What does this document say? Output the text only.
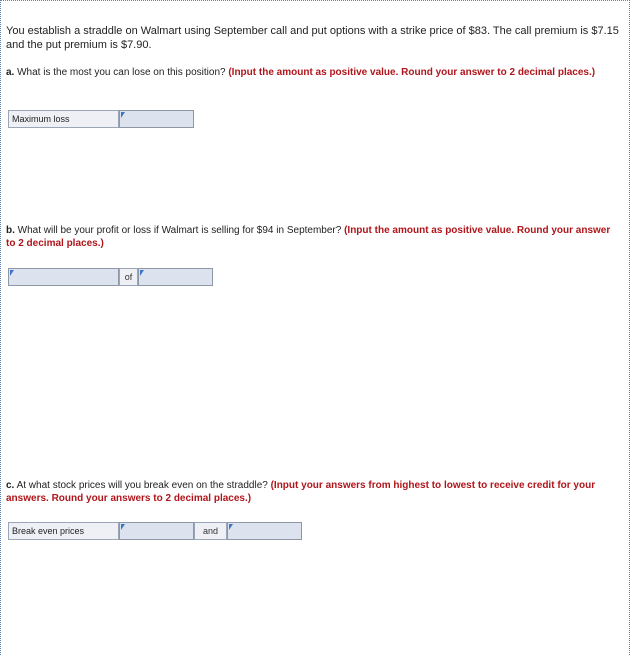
You establish a straddle on Walmart using September call and put options with a strike price of $83. The call premium is $7.15 and the put premium is $7.90.
a. What is the most you can lose on this position? (Input the amount as positive value. Round your answer to 2 decimal places.)
Maximum loss
b. What will be your profit or loss if Walmart is selling for $94 in September? (Input the amount as positive value. Round your answer to 2 decimal places.)
of
c. At what stock prices will you break even on the straddle? (Input your answers from highest to lowest to receive credit for your answers. Round your answers to 2 decimal places.)
Break even prices	and
